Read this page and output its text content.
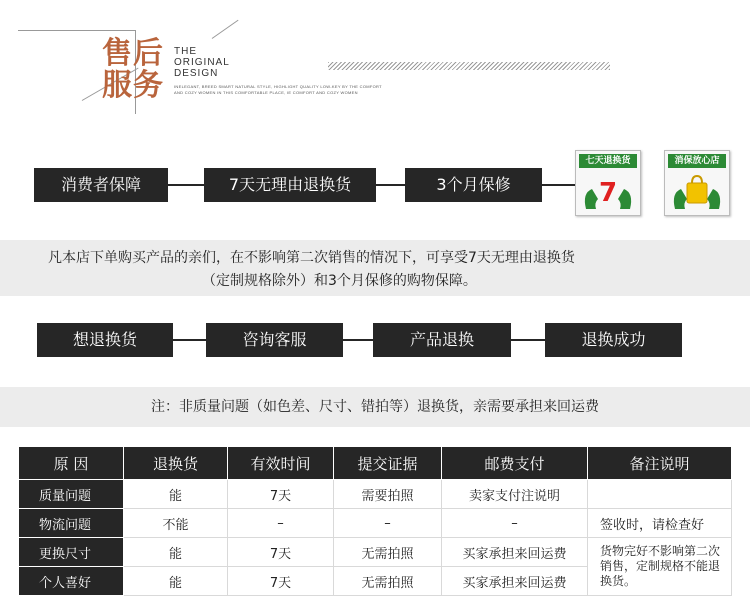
售后
服务
THE
ORIGINAL
DESIGN
INELEGANT, BREED SMART NATURAL STYLE, HIGHLIGHT QUALITY LOW-KEY BY THE COMFORT AND COZY WOMEN IN THIS COMFORTABLE PLACE, IE COMFORT AND COZY WOMEN
消费者保障	7天无理由退换货	3个月保修
七天退换货
7
消保放心店

凡本店下单购买产品的亲们，在不影响第二次销售的情况下，可享受7天无理由退换货

（定制规格除外）和3个月保修的购物保障。

想退换货	咨询客服	产品退换	退换成功
注：非质量问题（如色差、尺寸、错拍等）退换货，亲需要承担来回运费
原 因	退换货	有效时间	提交证据	邮费支付	备注说明
质量问题	能	7天	需要拍照	卖家支付注说明	
物流问题	不能	–	–	–	签收时，请检查好
更换尺寸	能	7天	无需拍照	买家承担来回运费	货物完好不影响第二次销售，定制规格不能退换货。
个人喜好	能	7天	无需拍照	买家承担来回运费	
